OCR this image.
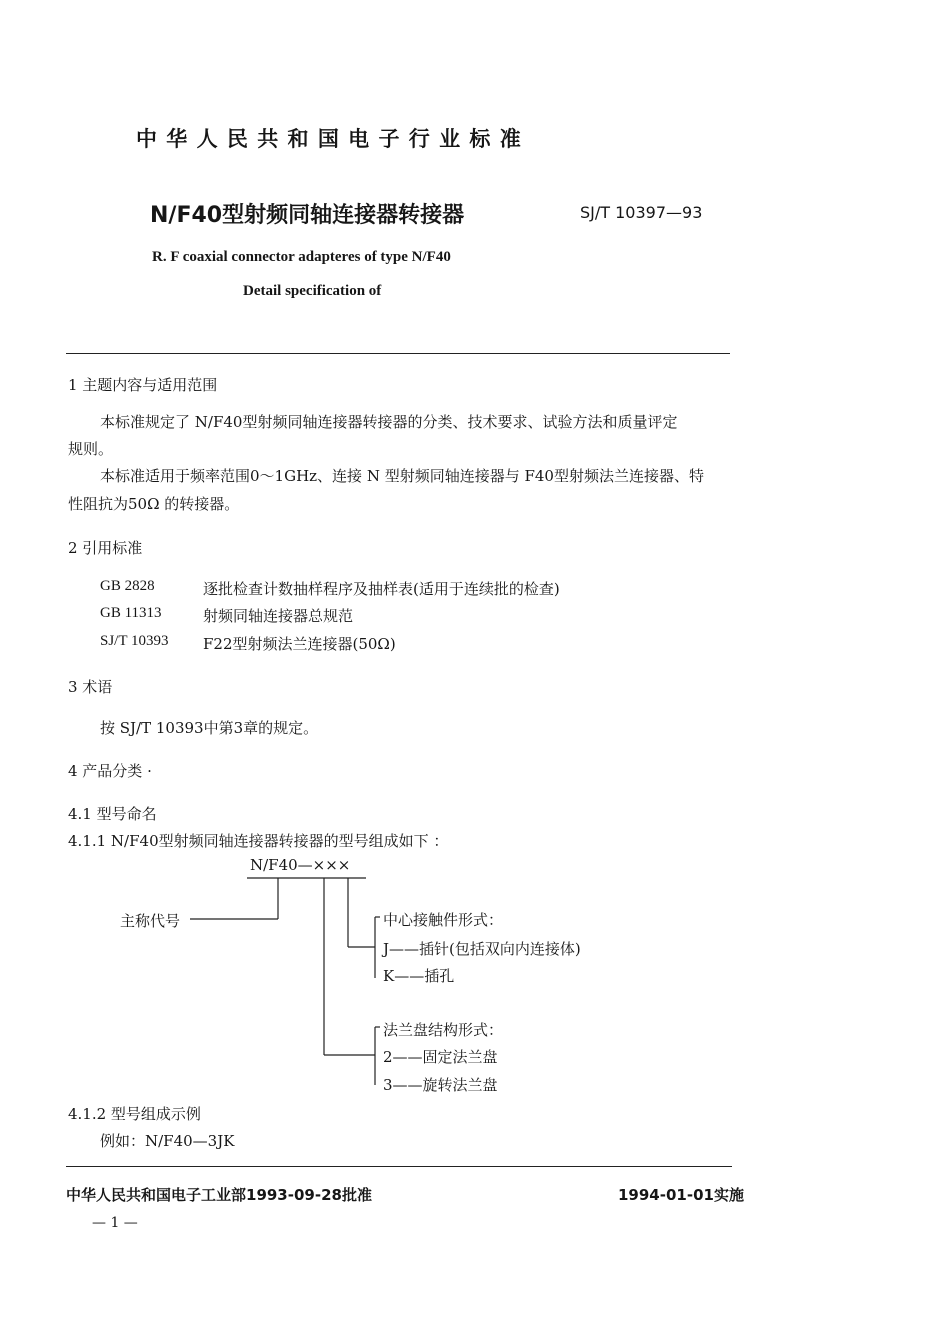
中 华 人 民 共 和 国 电 子 行 业 标 准
N/F40型射频同轴连接器转接器	SJ/T 10397—93
R. F coaxial connector adapteres of type N/F40
Detail specification of
1 主题内容与适用范围
本标准规定了 N/F40型射频同轴连接器转接器的分类、技术要求、试验方法和质量评定
规则。
本标准适用于频率范围0～1GHz、连接 N 型射频同轴连接器与 F40型射频法兰连接器、特
性阻抗为50Ω 的转接器。
2 引用标准
GB 2828	逐批检查计数抽样程序及抽样表(适用于连续批的检查)
GB 11313	射频同轴连接器总规范
SJ/T 10393 F22型射频法兰连接器(50Ω)
3 术语
按 SJ/T 10393中第3章的规定。
4 产品分类 ·
4.1 型号命名
4.1.1 N/F40型射频同轴连接器转接器的型号组成如下 ：
N/F40—×××
主称代号	中心接触件形式：
J——插针(包括双向内连接体)
K——插孔
法兰盘结构形式：
2——固定法兰盘
3——旋转法兰盘
4.1.2 型号组成示例
例如：N/F40—3JK
中华人民共和国电子工业部1993-09-28批准	1994-01-01实施
— 1 —
